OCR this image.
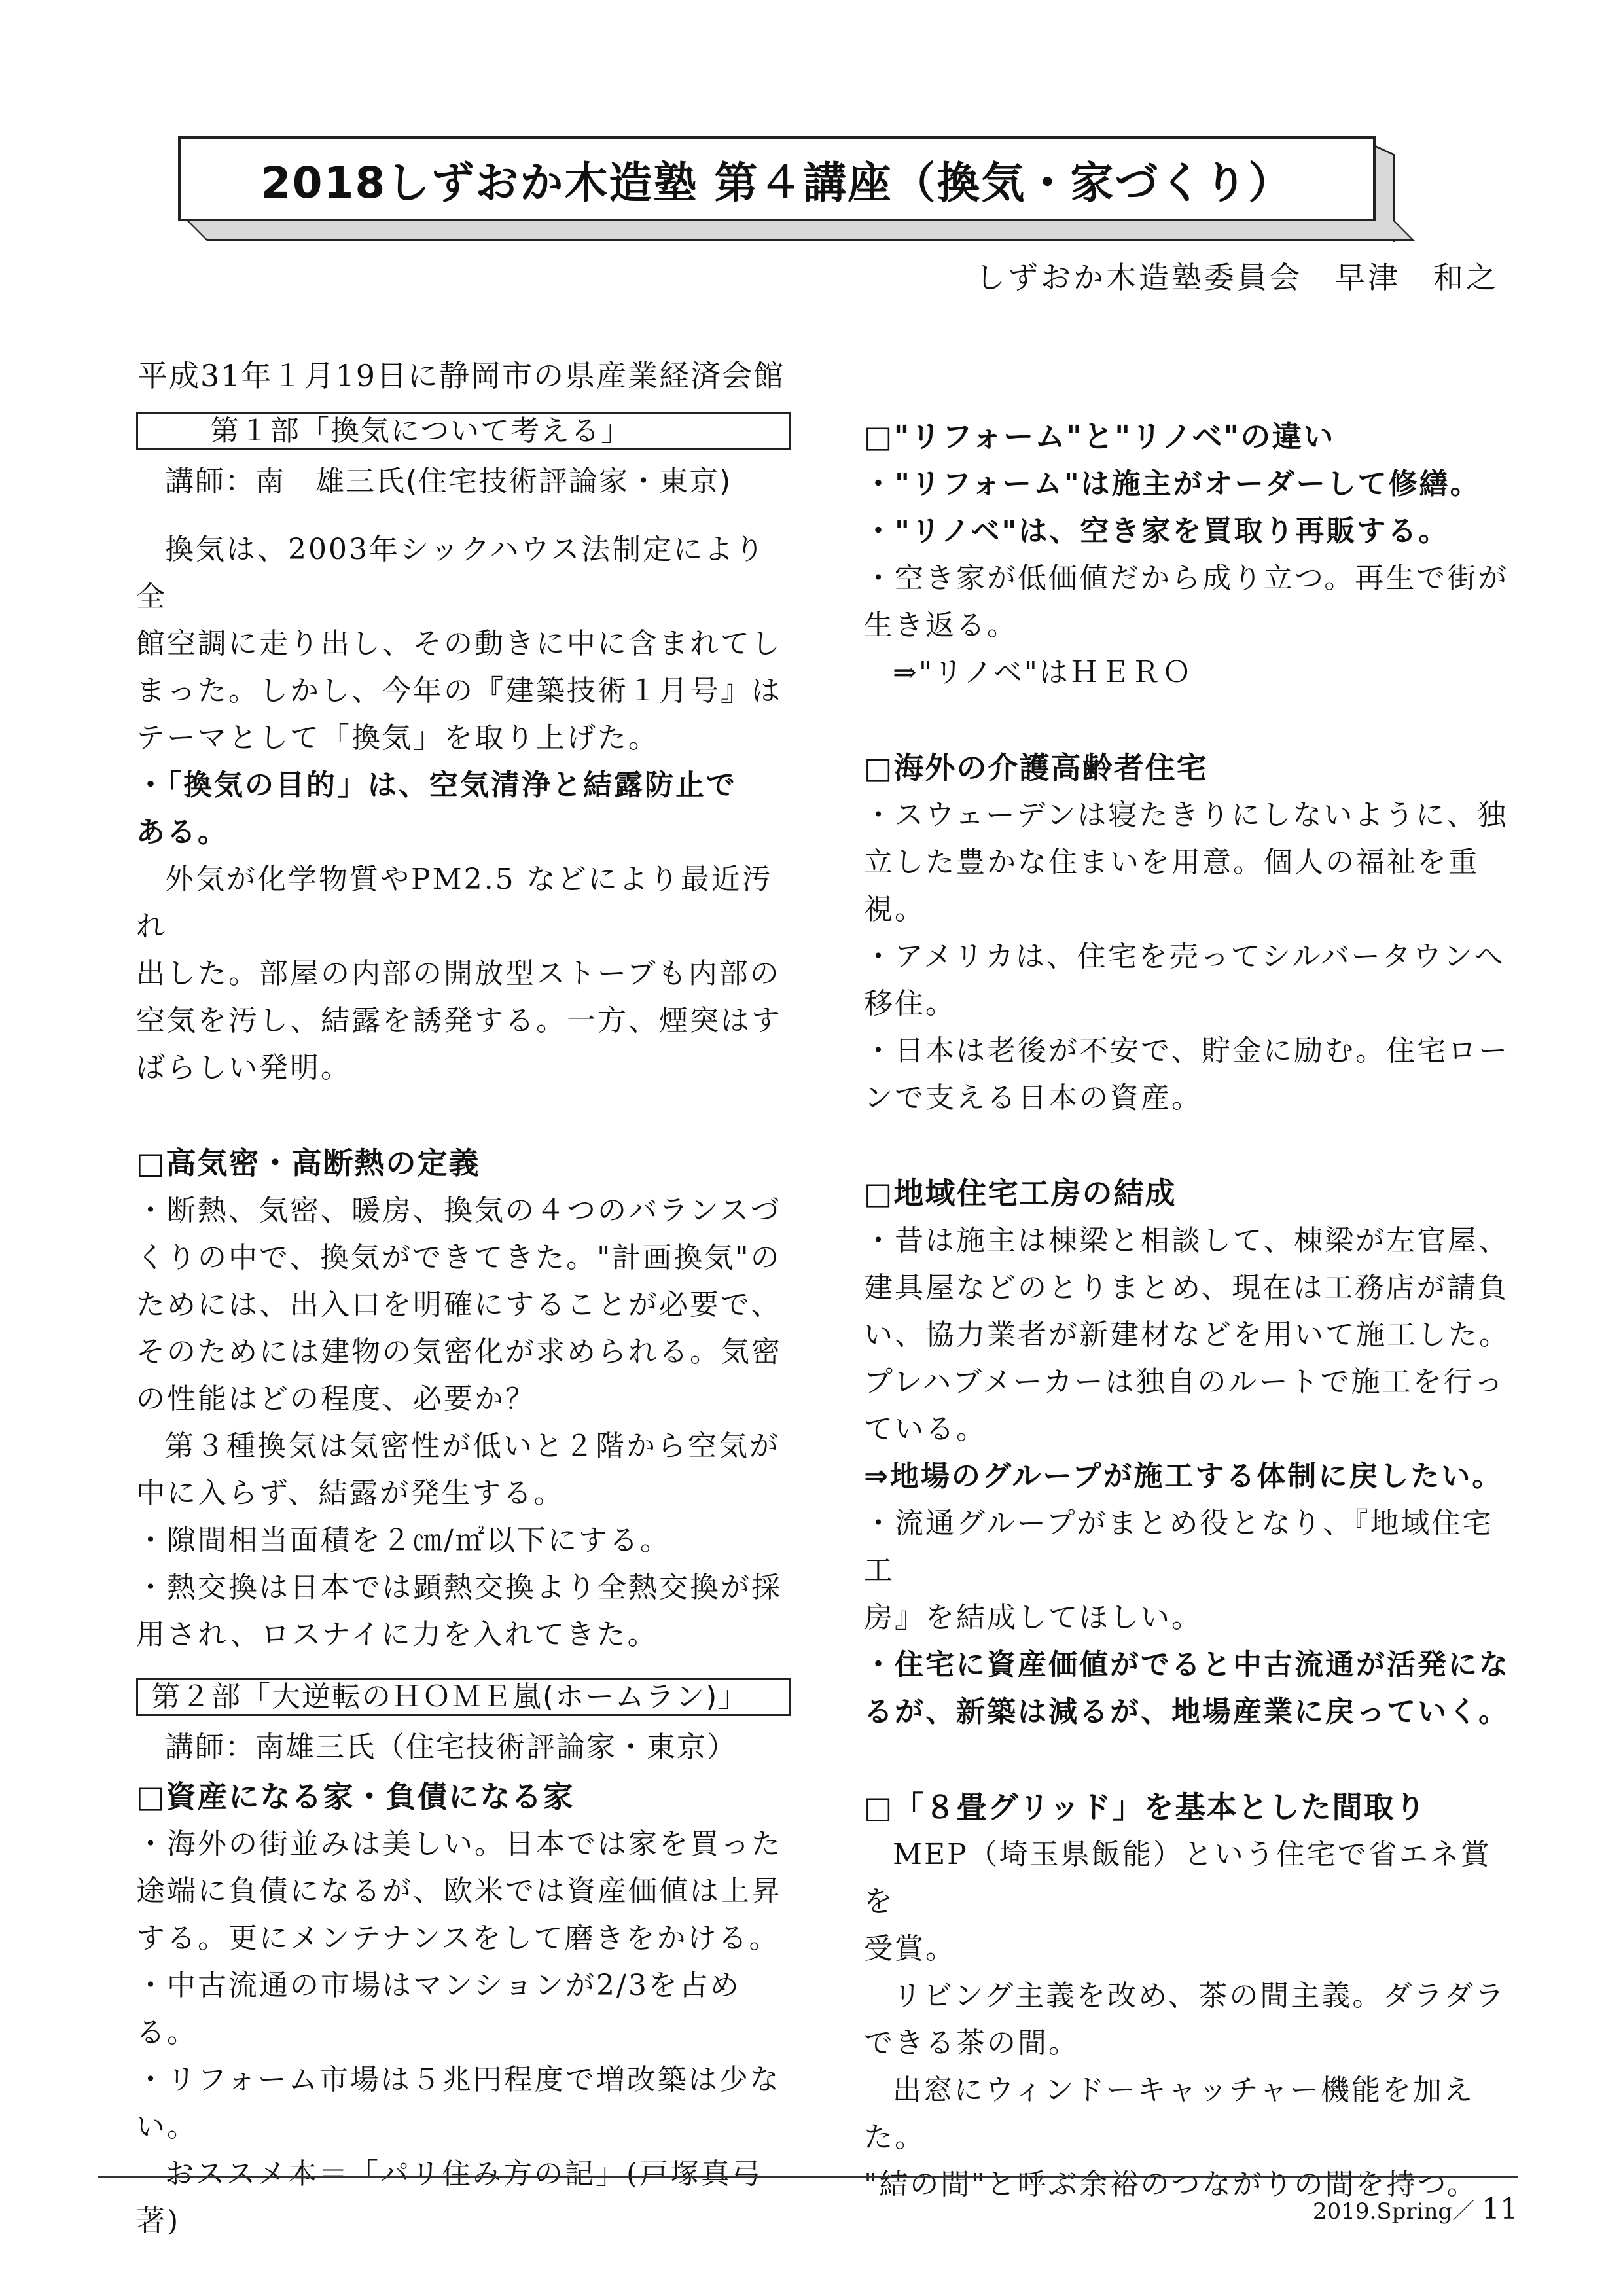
2018しずおか木造塾 第４講座（換気・家づくり）
しずおか木造塾委員会　早津　和之
平成31年１月19日に静岡市の県産業経済会館
第１部「換気について考える」
講師：南　雄三氏(住宅技術評論家・東京)

換気は、2003年シックハウス法制定により全
館空調に走り出し、その動きに中に含まれてし
まった。しかし、今年の『建築技術１月号』は
テーマとして「換気」を取り上げた。

・「換気の目的」は、空気清浄と結露防止で
ある。

外気が化学物質やPM2.5 などにより最近汚れ
出した。部屋の内部の開放型ストーブも内部の
空気を汚し、結露を誘発する。一方、煙突はす
ばらしい発明。

□高気密・高断熱の定義

・断熱、気密、暖房、換気の４つのバランスづ
くりの中で、換気ができてきた。"計画換気"の
ためには、出入口を明確にすることが必要で、
そのためには建物の気密化が求められる。気密
の性能はどの程度、必要か？

第３種換気は気密性が低いと２階から空気が
中に入らず、結露が発生する。

・隙間相当面積を２㎝/㎡以下にする。

・熱交換は日本では顕熱交換より全熱交換が採
用され、ロスナイに力を入れてきた。

第２部「大逆転のＨＯＭＥ嵐(ホームラン)」
講師：南雄三氏（住宅技術評論家・東京）

□資産になる家・負債になる家

・海外の街並みは美しい。日本では家を買った
途端に負債になるが、欧米では資産価値は上昇
する。更にメンテナンスをして磨きをかける。

・中古流通の市場はマンションが2/3を占める。

・リフォーム市場は５兆円程度で増改築は少ない。

おススメ本＝「パリ住み方の記」(戸塚真弓著)

□"リフォーム"と"リノベ"の違い

・"リフォーム"は施主がオーダーして修繕。
・"リノベ"は、空き家を買取り再販する。

・空き家が低価値だから成り立つ。再生で街が
生き返る。

⇒"リノベ"はＨＥＲＯ

□海外の介護高齢者住宅

・スウェーデンは寝たきりにしないように、独
立した豊かな住まいを用意。個人の福祉を重視。
・アメリカは、住宅を売ってシルバータウンへ
移住。
・日本は老後が不安で、貯金に励む。住宅ロー
ンで支える日本の資産。

□地域住宅工房の結成

・昔は施主は棟梁と相談して、棟梁が左官屋、
建具屋などのとりまとめ、現在は工務店が請負
い、協力業者が新建材などを用いて施工した。
プレハブメーカーは独自のルートで施工を行っ
ている。

⇒地場のグループが施工する体制に戻したい。

・流通グループがまとめ役となり、『地域住宅工
房』を結成してほしい。

・住宅に資産価値がでると中古流通が活発にな
るが、新築は減るが、地場産業に戻っていく。

□「８畳グリッド」を基本とした間取り

MEP（埼玉県飯能）という住宅で省エネ賞を
受賞。

リビング主義を改め、茶の間主義。ダラダラ
できる茶の間。

出窓にウィンドーキャッチャー機能を加えた。
"結の間"と呼ぶ余裕のつながりの間を持つ。

2019.Spring／ 11
